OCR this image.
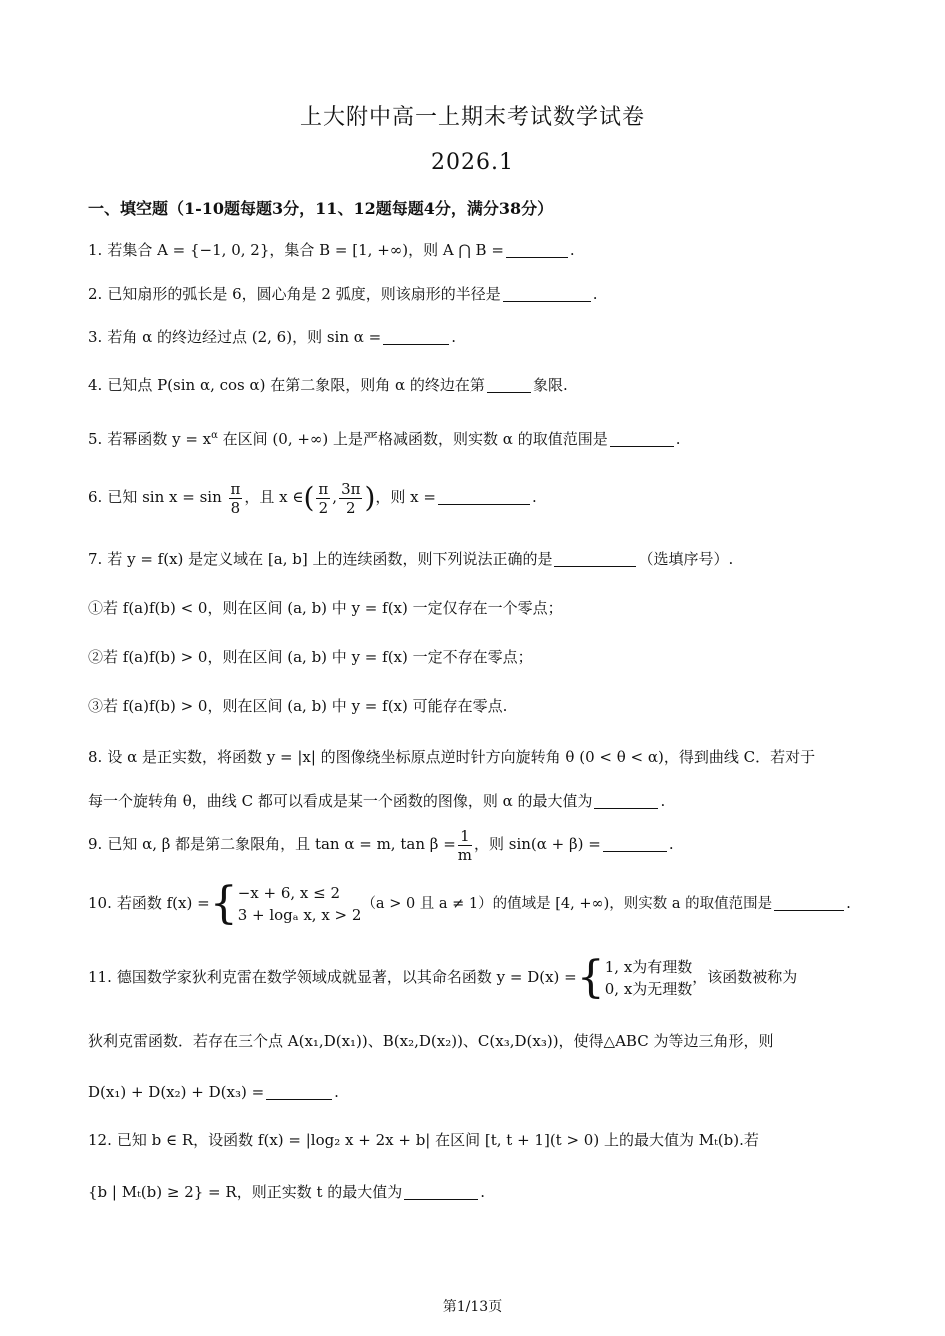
上大附中高一上期末考试数学试卷
2026.1
一、填空题（1-10题每题3分，11、12题每题4分，满分38分）
1. 若集合 A = {−1, 0, 2}，集合 B = [1, +∞)，则 A ⋂ B =	.
2. 已知扇形的弧长是 6，圆心角是 2 弧度，则该扇形的半径是	.
3. 若角 α 的终边经过点 (2, 6)，则 sin α =	.
4. 已知点 P(sin α, cos α) 在第二象限，则角 α 的终边在第	象限.
5. 若幂函数 $y = x^\alpha$ 在区间 (0, +∞) 上是严格减函数，则实数 α 的取值范围是	.
6. 已知 $\sin x = \sin \frac{\pi}{8}$ ，且 x ∈( $\frac{\pi}{2}$ , $\frac{3\pi}{2}$ )，则 x =	.
7. 若 y = f(x) 是定义域在 [a, b] 上的连续函数，则下列说法正确的是	（选填序号）.
①若 f(a)f(b) < 0，则在区间 (a, b) 中 y = f(x) 一定仅存在一个零点；
②若 f(a)f(b) > 0，则在区间 (a, b) 中 y = f(x) 一定不存在零点；
③若 f(a)f(b) > 0，则在区间 (a, b) 中 y = f(x) 可能存在零点.
8. 设 α 是正实数，将函数 y = |x| 的图像绕坐标原点逆时针方向旋转角 θ (0 < θ < α)，得到曲线 C．若对于
每一个旋转角 θ，曲线 C 都可以看成是某一个函数的图像，则 α 的最大值为	.
9. 已知 α, β 都是第二象限角，且 tan α = m, $\tan \beta = \frac{1}{m}$ ，则 sin(α + β) =	.
10. 若函数 f(x) ={ −x + 6, x ≤ 2
3 + logₐ x, x > 2
（a > 0 且 a ≠ 1）的值域是 [4, +∞)，则实数 a 的取值范围是	.
11. 德国数学家狄利克雷在数学领域成就显著，以其命名函数 y = D(x) ={ 1, x为有理数
0, x为无理数
，该函数被称为
狄利克雷函数．若存在三个点 A(x₁,D(x₁))、B(x₂,D(x₂))、C(x₃,D(x₃))，使得△ABC 为等边三角形，则
D(x₁) + D(x₂) + D(x₃) =	.
12. 已知 b ∈ R，设函数 f(x) = |log₂ x + 2x + b| 在区间 [t, t + 1](t > 0) 上的最大值为 Mₜ(b).若
{b | Mₜ(b) ≥ 2} = R，则正实数 t 的最大值为	.
第1/13页
